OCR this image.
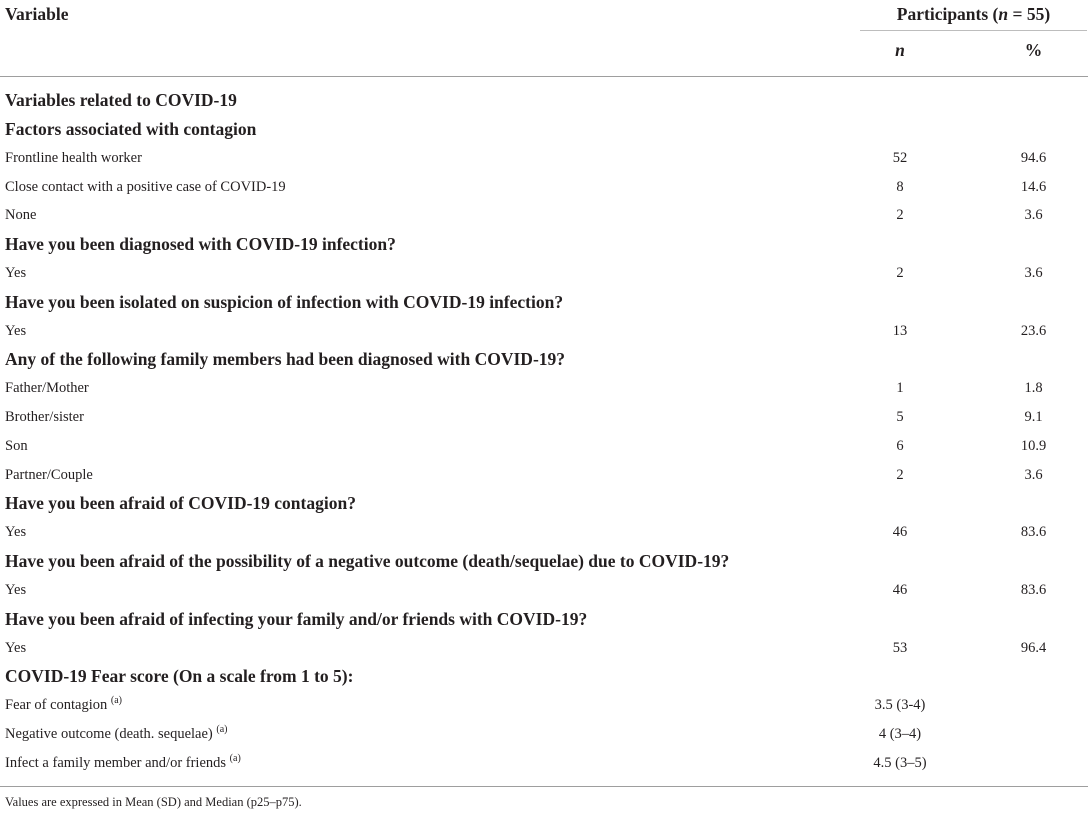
Variable	Participants (n = 55)
n	%
Variables related to COVID-19
Factors associated with contagion
Frontline health worker	52	94.6
Close contact with a positive case of COVID-19	8	14.6
None	2	3.6
Have you been diagnosed with COVID-19 infection?
Yes	2	3.6
Have you been isolated on suspicion of infection with COVID-19 infection?
Yes	13	23.6
Any of the following family members had been diagnosed with COVID-19?
Father/Mother	1	1.8
Brother/sister	5	9.1
Son	6	10.9
Partner/Couple	2	3.6
Have you been afraid of COVID-19 contagion?
Yes	46	83.6
Have you been afraid of the possibility of a negative outcome (death/sequelae) due to COVID-19?
Yes	46	83.6
Have you been afraid of infecting your family and/or friends with COVID-19?
Yes	53	96.4
COVID-19 Fear score (On a scale from 1 to 5):
Fear of contagion $^{(a)}$	3.5 (3-4)
Negative outcome (death. sequelae) $^{(a)}$	4 (3–4)
Infect a family member and/or friends $^{(a)}$	4.5 (3–5)
Values are expressed in Mean (SD) and Median (p25–p75).
